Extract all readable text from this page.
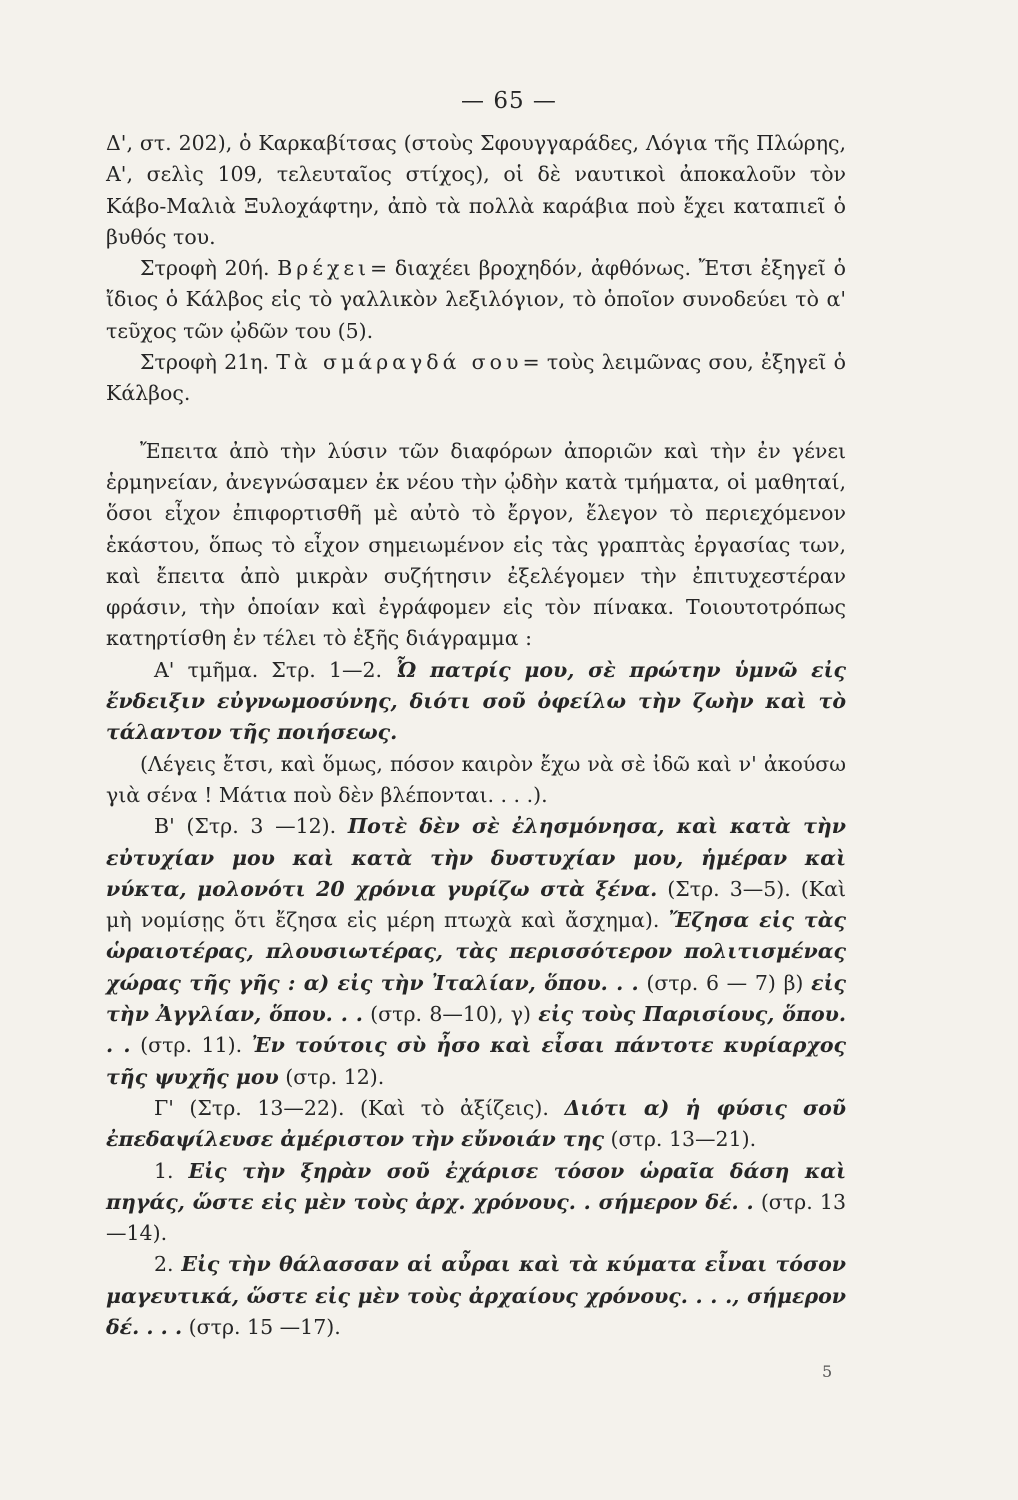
— 65 —

Δ', στ. 202), ὁ Καρκαβίτσας (στοὺς Σφουγγαράδες, Λόγια τῆς Πλώρης, Α', σελὶς 109, τελευταῖος στίχος), οἱ δὲ ναυτικοὶ ἀποκαλοῦν τὸν Κάβο-Μαλιὰ Ξυλοχάφτην, ἀπὸ τὰ πολλὰ καράβια ποὺ ἔχει καταπιεῖ ὁ βυθός του.

Στροφὴ 20ή. Βρέχει= διαχέει βροχηδόν, ἀφθόνως. Ἔτσι ἐξηγεῖ ὁ ἴδιος ὁ Κάλβος εἰς τὸ γαλλικὸν λεξιλόγιον, τὸ ὁποῖον συνοδεύει τὸ α' τεῦχος τῶν ᾠδῶν του (5).

Στροφὴ 21η. Τὰ σμάραγδά σου= τοὺς λειμῶνας σου, ἐξηγεῖ ὁ Κάλβος.

Ἔπειτα ἀπὸ τὴν λύσιν τῶν διαφόρων ἀποριῶν καὶ τὴν ἐν γένει ἑρμηνείαν, ἀνεγνώσαμεν ἐκ νέου τὴν ᾠδὴν κατὰ τμήματα, οἱ μαθηταί, ὅσοι εἶχον ἐπιφορτισθῆ μὲ αὐτὸ τὸ ἔργον, ἔλεγον τὸ περιεχόμενον ἑκάστου, ὅπως τὸ εἶχον σημειωμένον εἰς τὰς γραπτὰς ἐργασίας των, καὶ ἔπειτα ἀπὸ μικρὰν συζήτησιν ἐξελέγομεν τὴν ἐπιτυχεστέραν φράσιν, τὴν ὁποίαν καὶ ἐγράφομεν εἰς τὸν πίνακα. Τοιουτοτρόπως κατηρτίσθη ἐν τέλει τὸ ἑξῆς διάγραμμα :

Α' τμῆμα. Στρ. 1—2. Ὦ πατρίς μου, σὲ πρώτην ὑμνῶ εἰς ἔνδειξιν εὐγνωμοσύνης, διότι σοῦ ὀφείλω τὴν ζωὴν καὶ τὸ τάλαντον τῆς ποιήσεως.

(Λέγεις ἔτσι, καὶ ὅμως, πόσον καιρὸν ἔχω νὰ σὲ ἰδῶ καὶ ν' ἀκούσω γιὰ σένα ! Μάτια ποὺ δὲν βλέπονται. . . .).

Β' (Στρ. 3 —12). Ποτὲ δὲν σὲ ἐλησμόνησα, καὶ κατὰ τὴν εὐτυχίαν μου καὶ κατὰ τὴν δυστυχίαν μου, ἡμέραν καὶ νύκτα, μολονότι 20 χρόνια γυρίζω στὰ ξένα. (Στρ. 3—5). (Καὶ μὴ νομίσῃς ὅτι ἔζησα εἰς μέρη πτωχὰ καὶ ἄσχημα). Ἔζησα εἰς τὰς ὡραιοτέρας, πλουσιωτέρας, τὰς περισσότερον πολιτισμένας χώρας τῆς γῆς : α) εἰς τὴν Ἰταλίαν, ὅπου. . . (στρ. 6 — 7) β) εἰς τὴν Ἀγγλίαν, ὅπου. . . (στρ. 8—10), γ) εἰς τοὺς Παρισίους, ὅπου. . . (στρ. 11). Ἐν τούτοις σὺ ἦσο καὶ εἶσαι πάντοτε κυρίαρχος τῆς ψυχῆς μου (στρ. 12).

Γ' (Στρ. 13—22). (Καὶ τὸ ἀξίζεις). Διότι α) ἡ φύσις σοῦ ἐπεδαψίλευσε ἀμέριστον τὴν εὔνοιάν της (στρ. 13—21).

1. Εἰς τὴν ξηρὰν σοῦ ἐχάρισε τόσον ὡραῖα δάση καὶ πηγάς, ὥστε εἰς μὲν τοὺς ἀρχ. χρόνους. . σήμερον δέ. . (στρ. 13 —14).

2. Εἰς τὴν θάλασσαν αἱ αὖραι καὶ τὰ κύματα εἶναι τόσον μαγευτικά, ὥστε εἰς μὲν τοὺς ἀρχαίους χρόνους. . . ., σήμερον δέ. . . . (στρ. 15 —17).

5
